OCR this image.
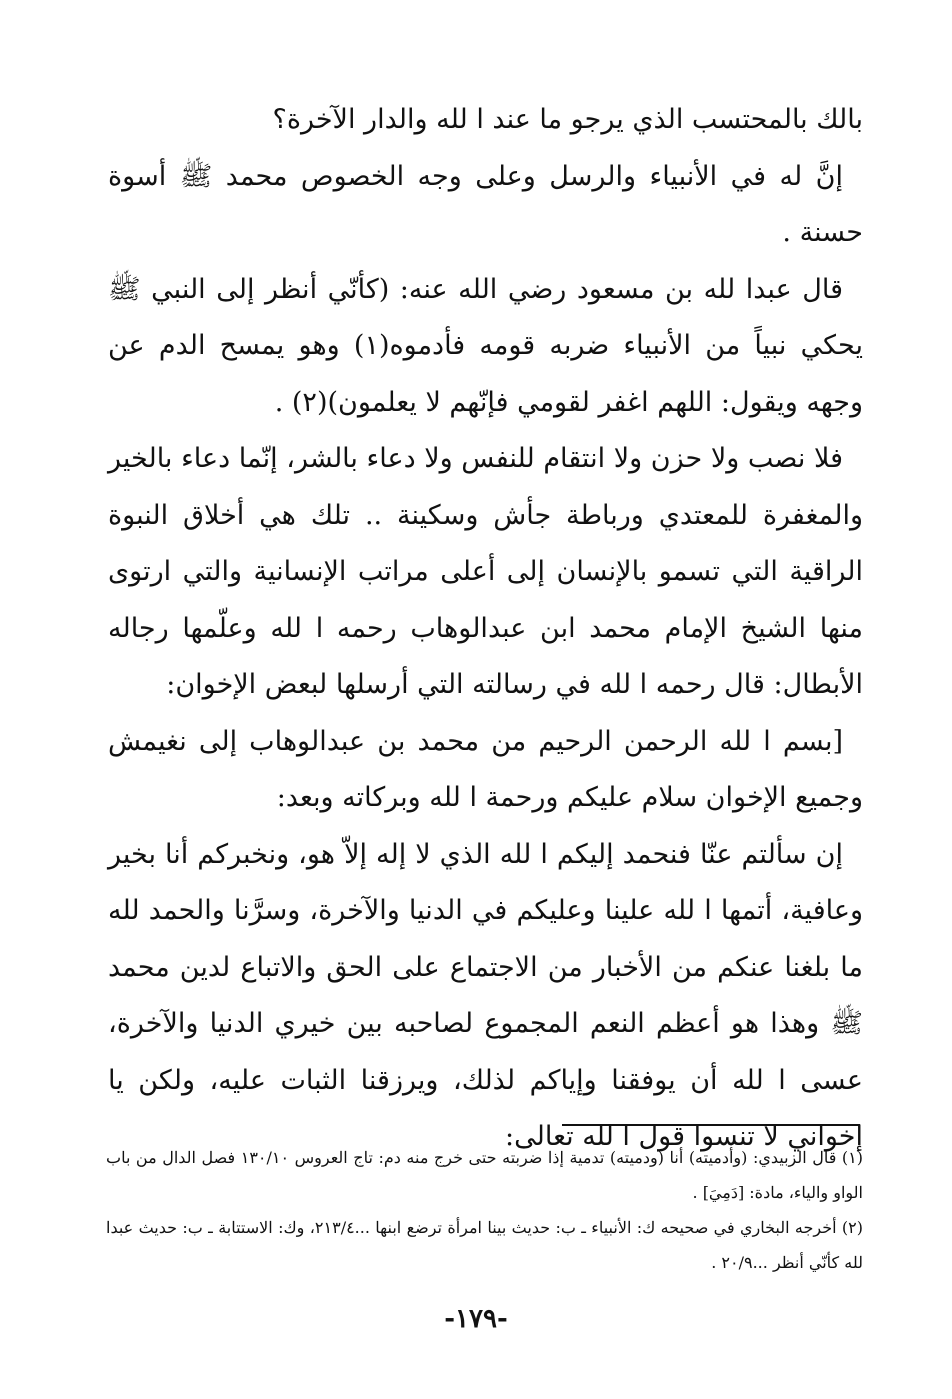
بالك بالمحتسب الذي يرجو ما عند ا لله والدار الآخرة؟

إنَّ له في الأنبياء والرسل وعلى وجه الخصوص محمد ﷺ أسوة حسنة .

قال عبدا لله بن مسعود رضي الله عنه: (كأنّي أنظر إلى النبي ﷺ يحكي نبياً من الأنبياء ضربه قومه فأدموه(١) وهو يمسح الدم عن وجهه ويقول: اللهم اغفر لقومي فإنّهم لا يعلمون)(٢) .

فلا نصب ولا حزن ولا انتقام للنفس ولا دعاء بالشر، إنّما دعاء بالخير والمغفرة للمعتدي ورباطة جأش وسكينة .. تلك هي أخلاق النبوة الراقية التي تسمو بالإنسان إلى أعلى مراتب الإنسانية والتي ارتوى منها الشيخ الإمام محمد ابن عبدالوهاب رحمه ا لله وعلّمها رجاله الأبطال: قال رحمه ا لله في رسالته التي أرسلها لبعض الإخوان:

[بسم ا لله الرحمن الرحيم من محمد بن عبدالوهاب إلى نغيمش وجميع الإخوان سلام عليكم ورحمة ا لله وبركاته وبعد:

إن سألتم عنّا فنحمد إليكم ا لله الذي لا إله إلاّ هو، ونخبركم أنا بخير وعافية، أتمها ا لله علينا وعليكم في الدنيا والآخرة، وسرَّنا والحمد لله ما بلغنا عنكم من الأخبار من الاجتماع على الحق والاتباع لدين محمد ﷺ وهذا هو أعظم النعم المجموع لصاحبه بين خيري الدنيا والآخرة، عسى ا لله أن يوفقنا وإياكم لذلك، ويرزقنا الثبات عليه، ولكن يا إخواني لا تنسوا قول ا لله تعالى:

(١) قال الزبيدي: (وأدميته) أنا (ودميته) تدمية إذا ضربته حتى خرج منه دم: تاج العروس ١٣٠/١٠ فصل الدال من باب الواو والياء، مادة: [دَمِيَ] .

(٢) أخرجه البخاري في صحيحه ك: الأنبياء ـ ب: حديث بينا امرأة ترضع ابنها ...٢١٣/٤، وك: الاستتابة ـ ب: حديث عبدا لله كأنّي أنظر ...٢٠/٩ .

-١٧٩-
